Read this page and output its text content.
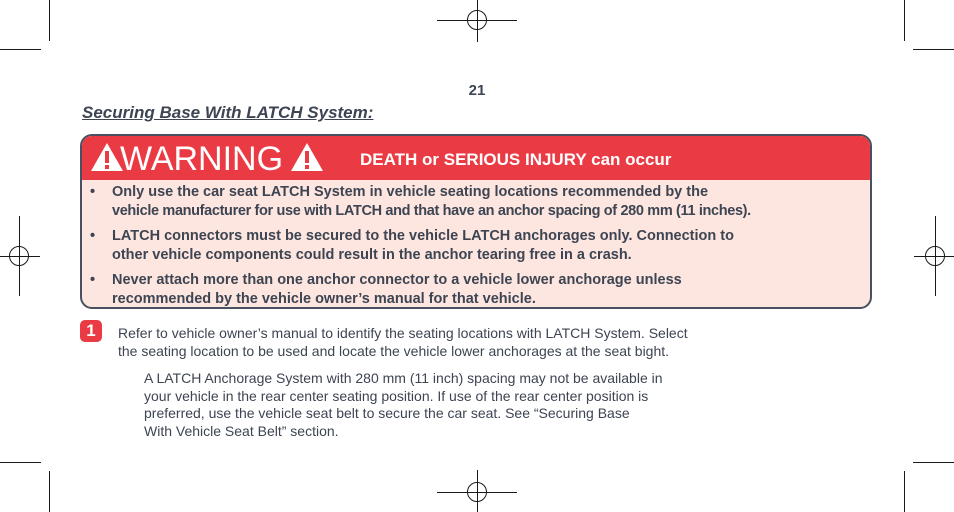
21
Securing Base With LATCH System:
WARNING	DEATH or SERIOUS INJURY can occur
• Only use the car seat LATCH System in vehicle seating locations recommended by the
vehicle manufacturer for use with LATCH and that have an anchor spacing of 280 mm (11 inches).
• LATCH connectors must be secured to the vehicle LATCH anchorages only. Connection to
other vehicle components could result in the anchor tearing free in a crash.
• Never attach more than one anchor connector to a vehicle lower anchorage unless
recommended by the vehicle owner’s manual for that vehicle.
1	Refer to vehicle owner’s manual to identify the seating locations with LATCH System. Select
the seating location to be used and locate the vehicle lower anchorages at the seat bight.
A LATCH Anchorage System with 280 mm (11 inch) spacing may not be available in
your vehicle in the rear center seating position. If use of the rear center position is
preferred, use the vehicle seat belt to secure the car seat. See “Securing Base
With Vehicle Seat Belt” section.
